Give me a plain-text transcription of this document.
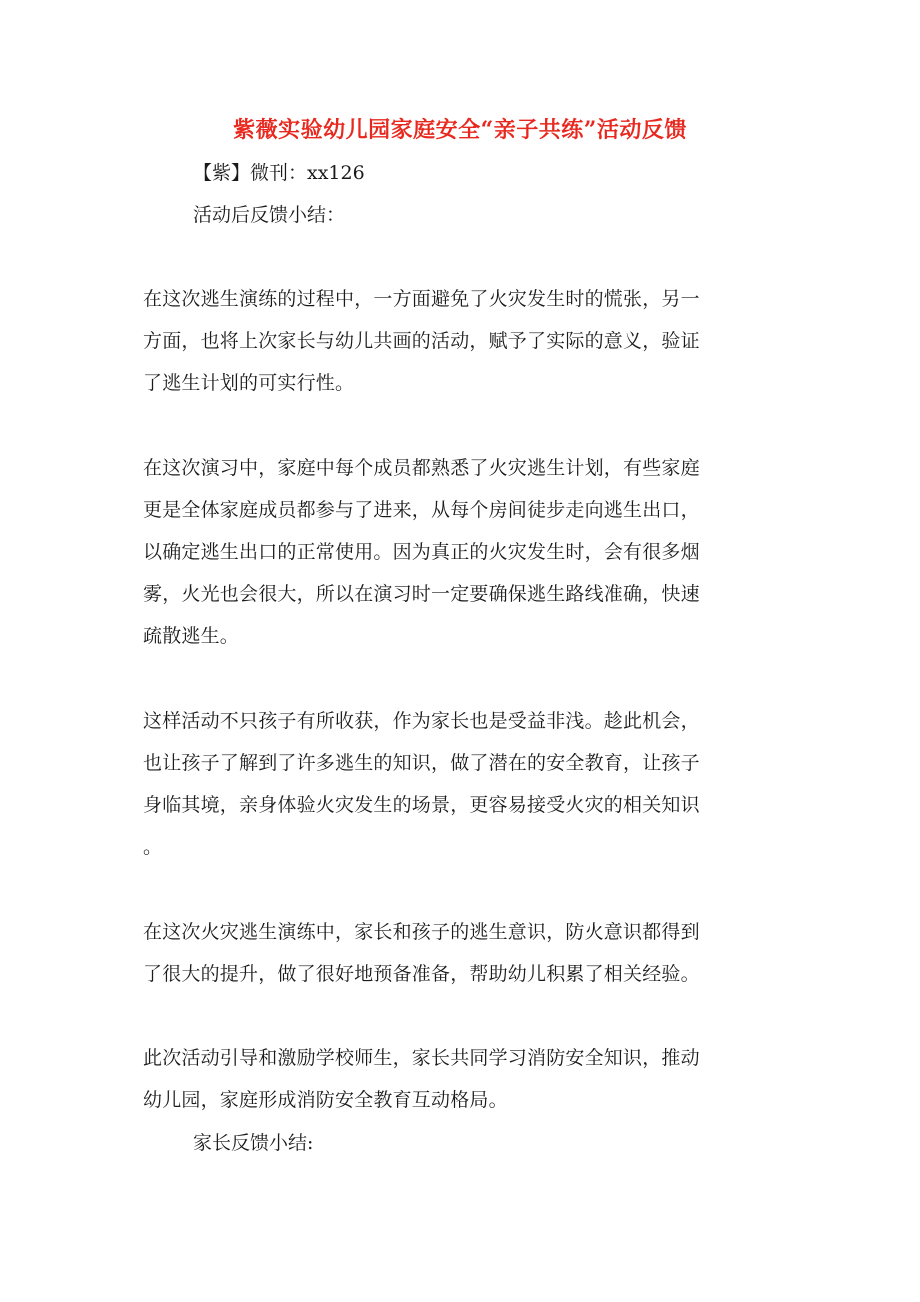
紫薇实验幼儿园家庭安全“亲子共练”活动反馈
【紫】微刊：xx126
活动后反馈小结：
在这次逃生演练的过程中，一方面避免了火灾发生时的慌张，另一
方面，也将上次家长与幼儿共画的活动，赋予了实际的意义，验证
了逃生计划的可实行性。
在这次演习中，家庭中每个成员都熟悉了火灾逃生计划，有些家庭
更是全体家庭成员都参与了进来，从每个房间徒步走向逃生出口，
以确定逃生出口的正常使用。因为真正的火灾发生时，会有很多烟
雾，火光也会很大，所以在演习时一定要确保逃生路线准确，快速
疏散逃生。
这样活动不只孩子有所收获，作为家长也是受益非浅。趁此机会，
也让孩子了解到了许多逃生的知识，做了潜在的安全教育，让孩子
身临其境，亲身体验火灾发生的场景，更容易接受火灾的相关知识
。
在这次火灾逃生演练中，家长和孩子的逃生意识，防火意识都得到
了很大的提升，做了很好地预备准备，帮助幼儿积累了相关经验。
此次活动引导和激励学校师生，家长共同学习消防安全知识，推动
幼儿园，家庭形成消防安全教育互动格局。
家长反馈小结:
